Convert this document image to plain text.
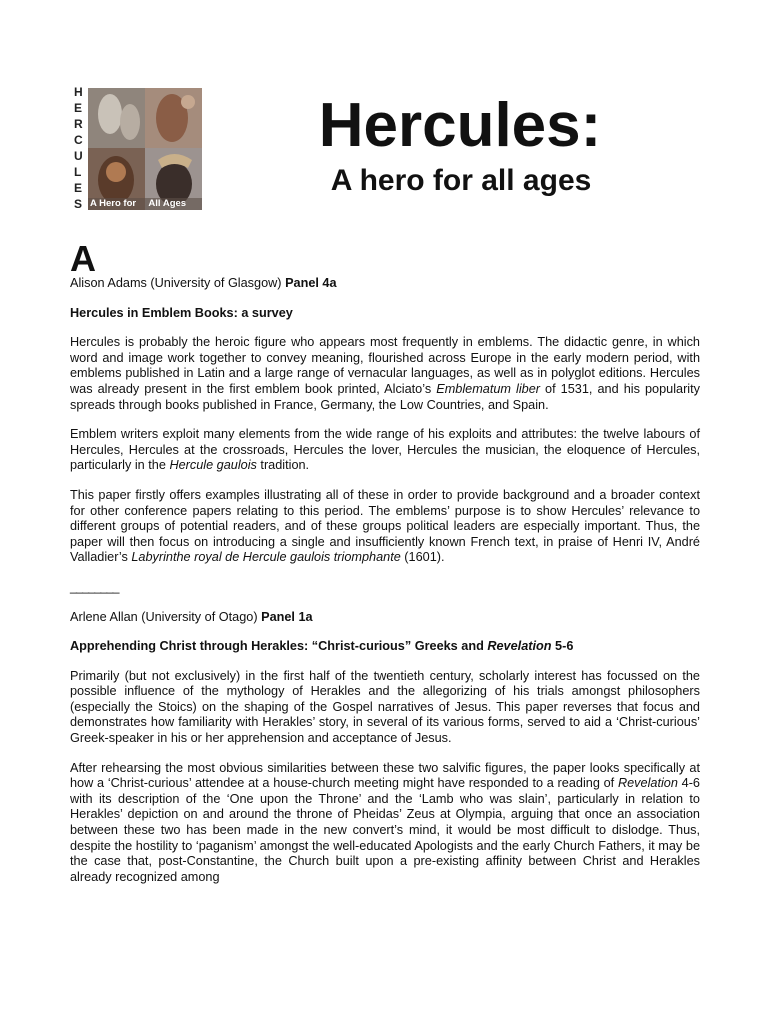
H
E
R
C
U
L
E
S A Hero for All Ages
Hercules:
A hero for all ages
A

Alison Adams (University of Glasgow) Panel 4a

Hercules in Emblem Books: a survey

Hercules is probably the heroic figure who appears most frequently in emblems. The didactic genre, in which word and image work together to convey meaning, flourished across Europe in the early modern period, with emblems published in Latin and a large range of vernacular languages, as well as in polyglot editions. Hercules was already present in the first emblem book printed, Alciato’s Emblematum liber of 1531, and his popularity spreads through books published in France, Germany, the Low Countries, and Spain.

Emblem writers exploit many elements from the wide range of his exploits and attributes: the twelve labours of Hercules, Hercules at the crossroads, Hercules the lover, Hercules the musician, the eloquence of Hercules, particularly in the Hercule gaulois tradition.

This paper firstly offers examples illustrating all of these in order to provide background and a broader context for other conference papers relating to this period. The emblems’ purpose is to show Hercules’ relevance to different groups of potential readers, and of these groups political leaders are especially important. Thus, the paper will then focus on introducing a single and insufficiently known French text, in praise of Henri IV, André Valladier’s Labyrinthe royal de Hercule gaulois triomphante (1601).

________

Arlene Allan (University of Otago) Panel 1a

Apprehending Christ through Herakles: “Christ-curious” Greeks and Revelation 5-6

Primarily (but not exclusively) in the first half of the twentieth century, scholarly interest has focussed on the possible influence of the mythology of Herakles and the allegorizing of his trials amongst philosophers (especially the Stoics) on the shaping of the Gospel narratives of Jesus. This paper reverses that focus and demonstrates how familiarity with Herakles’ story, in several of its various forms, served to aid a ‘Christ-curious’ Greek-speaker in his or her apprehension and acceptance of Jesus.

After rehearsing the most obvious similarities between these two salvific figures, the paper looks specifically at how a ‘Christ-curious’ attendee at a house-church meeting might have responded to a reading of Revelation 4-6 with its description of the ‘One upon the Throne’ and the ‘Lamb who was slain’, particularly in relation to Herakles’ depiction on and around the throne of Pheidas’ Zeus at Olympia, arguing that once an association between these two has been made in the new convert’s mind, it would be most difficult to dislodge. Thus, despite the hostility to ‘paganism’ amongst the well-educated Apologists and the early Church Fathers, it may be the case that, post-Constantine, the Church built upon a pre-existing affinity between Christ and Herakles already recognized among
